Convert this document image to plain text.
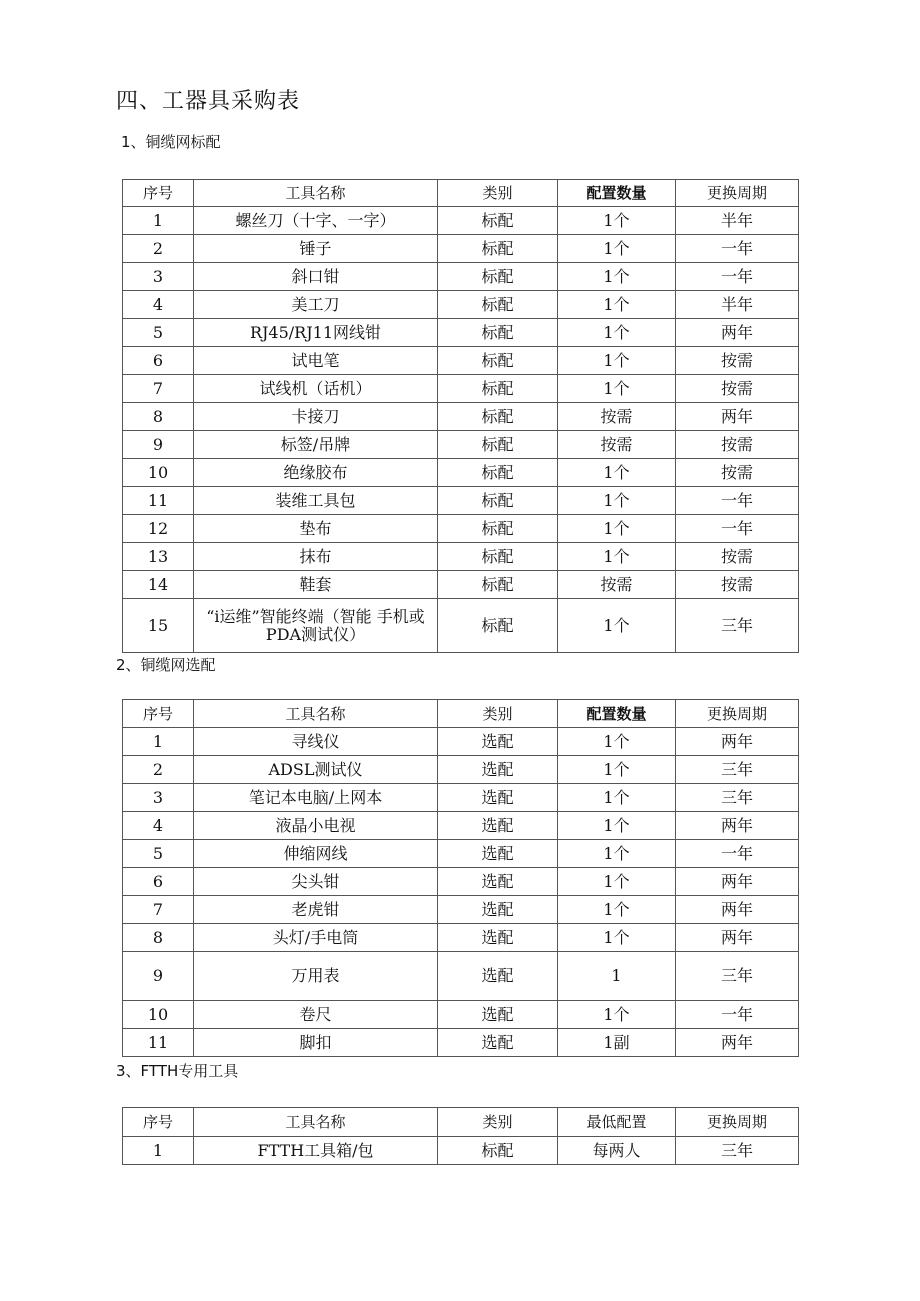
四、工器具采购表
1、铜缆网标配
序号	工具名称	类别	配置数量	更换周期
1	螺丝刀（十字、一字）	标配	1个	半年
2	锤子	标配	1个	一年
3	斜口钳	标配	1个	一年
4	美工刀	标配	1个	半年
5	RJ45/RJ11网线钳	标配	1个	两年
6	试电笔	标配	1个	按需
7	试线机（话机）	标配	1个	按需
8	卡接刀	标配	按需	两年
9	标签/吊牌	标配	按需	按需
10	绝缘胶布	标配	1个	按需
11	装维工具包	标配	1个	一年
12	垫布	标配	1个	一年
13	抹布	标配	1个	按需
14	鞋套	标配	按需	按需
15	“i运维”智能终端（智能 手机或PDA测试仪）	标配	1个	三年
2、铜缆网选配
序号	工具名称	类别	配置数量	更换周期
1	寻线仪	选配	1个	两年
2	ADSL测试仪	选配	1个	三年
3	笔记本电脑/上网本	选配	1个	三年
4	液晶小电视	选配	1个	两年
5	伸缩网线	选配	1个	一年
6	尖头钳	选配	1个	两年
7	老虎钳	选配	1个	两年
8	头灯/手电筒	选配	1个	两年
9	万用表	选配	1	三年
10	卷尺	选配	1个	一年
11	脚扣	选配	1副	两年
3、FTTH专用工具
序号	工具名称	类别	最低配置	更换周期
1	FTTH工具箱/包	标配	每两人	三年
